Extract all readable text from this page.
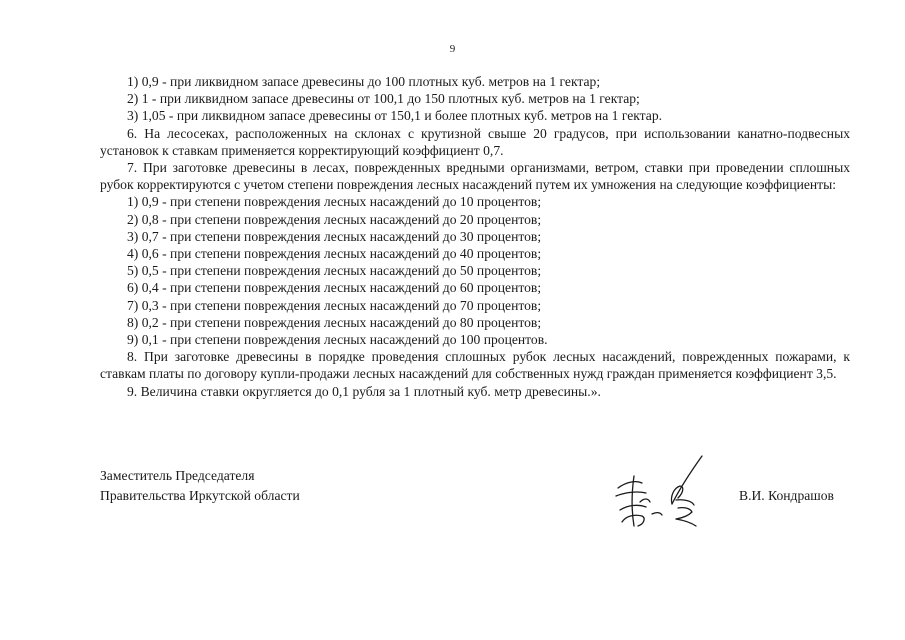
9
1) 0,9 - при ликвидном запасе древесины до 100 плотных куб. метров на 1 гектар;
2) 1 - при ликвидном запасе древесины от 100,1 до 150 плотных куб. метров на 1 гектар;
3) 1,05 - при ликвидном запасе древесины от 150,1 и более плотных куб. метров на 1 гектар.
6. На лесосеках, расположенных на склонах с крутизной свыше 20 градусов, при использовании канатно-подвесных установок к ставкам применяется корректирующий коэффициент 0,7.
7. При заготовке древесины в лесах, поврежденных вредными организмами, ветром, ставки при проведении сплошных рубок корректируются с учетом степени повреждения лесных насаждений путем их умножения на следующие коэффициенты:
1) 0,9 - при степени повреждения лесных насаждений до 10 процентов;
2) 0,8 - при степени повреждения лесных насаждений до 20 процентов;
3) 0,7 - при степени повреждения лесных насаждений до 30 процентов;
4) 0,6 - при степени повреждения лесных насаждений до 40 процентов;
5) 0,5 - при степени повреждения лесных насаждений до 50 процентов;
6) 0,4 - при степени повреждения лесных насаждений до 60 процентов;
7) 0,3 - при степени повреждения лесных насаждений до 70 процентов;
8) 0,2 - при степени повреждения лесных насаждений до 80 процентов;
9) 0,1 - при степени повреждения лесных насаждений до 100 процентов.
8. При заготовке древесины в порядке проведения сплошных рубок лесных насаждений, поврежденных пожарами, к ставкам платы по договору купли-продажи лесных насаждений для собственных нужд граждан применяется коэффициент 3,5.
9. Величина ставки округляется до 0,1 рубля за 1 плотный куб. метр древесины.».
Заместитель Председателя
Правительства Иркутской области	В.И. Кондрашов
